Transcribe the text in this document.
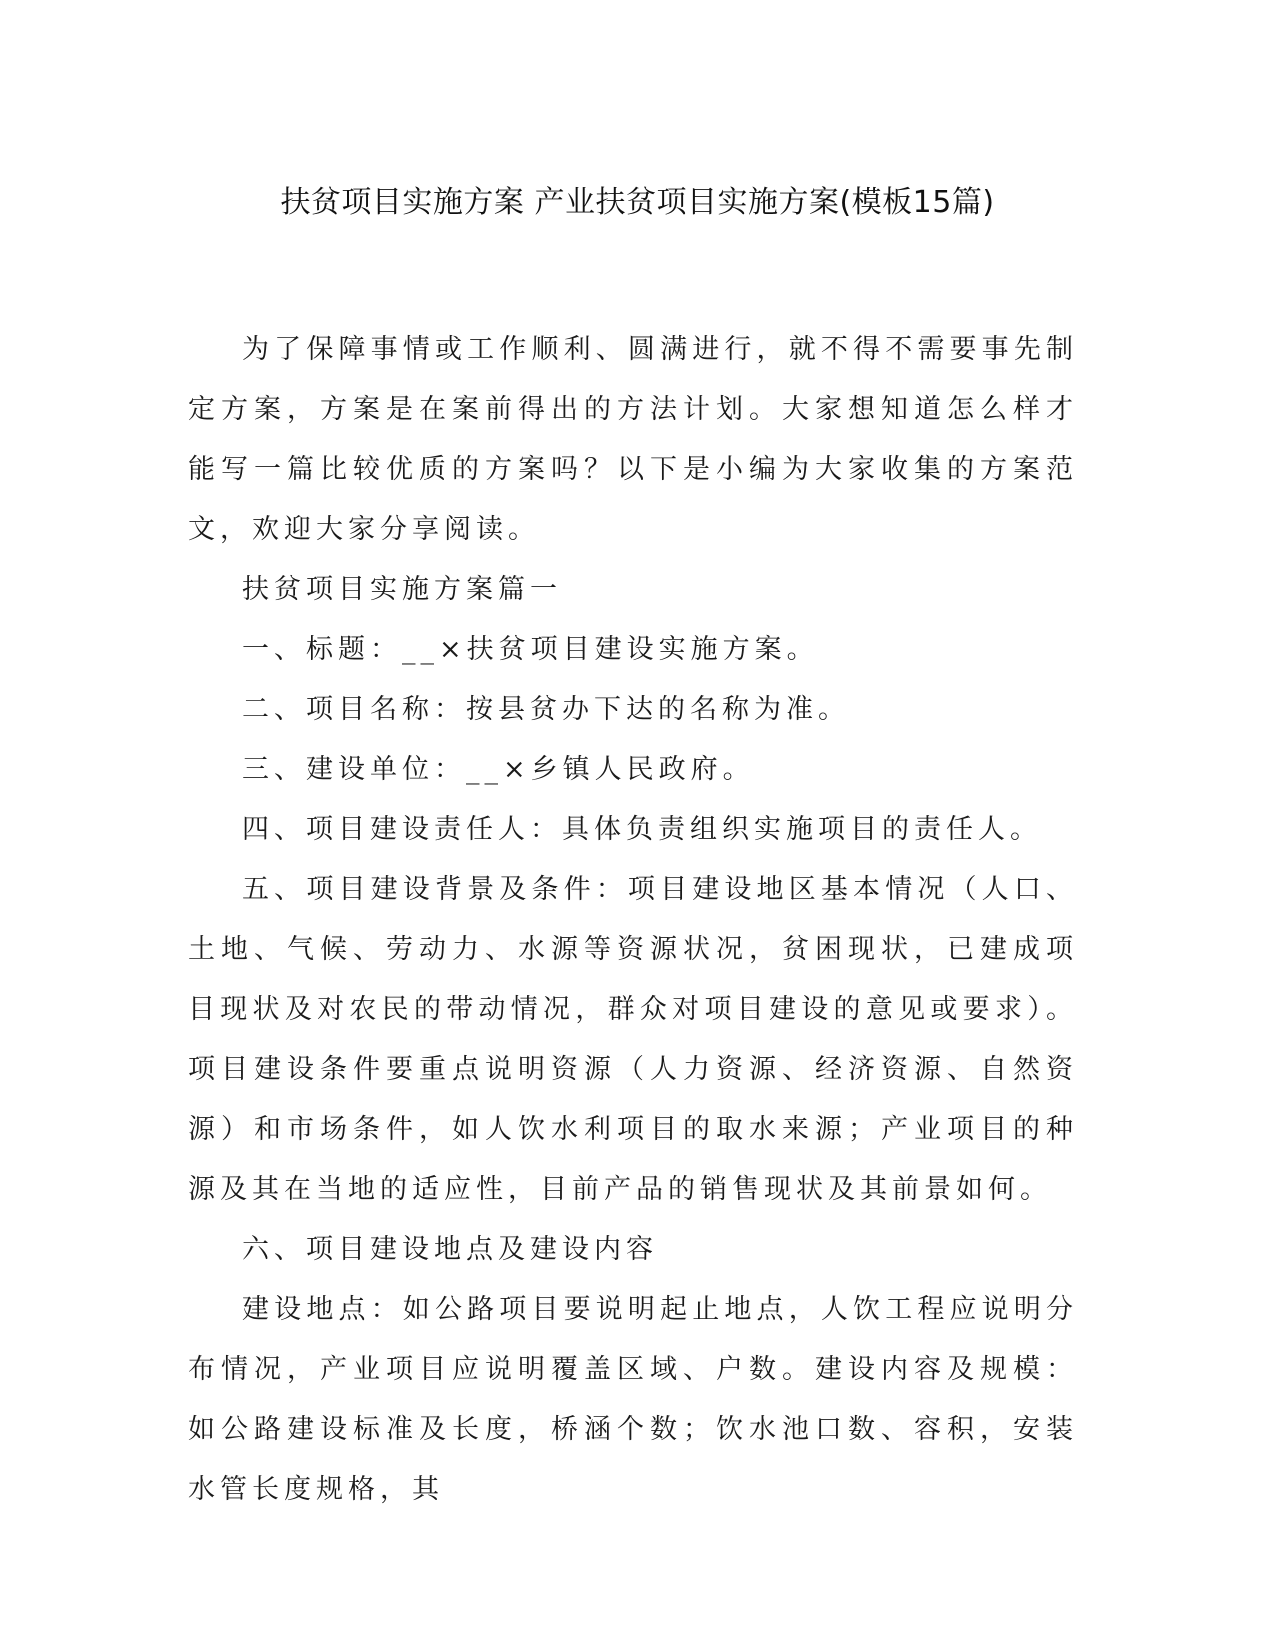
扶贫项目实施方案 产业扶贫项目实施方案(模板15篇)

为了保障事情或工作顺利、圆满进行，就不得不需要事先制定方案，方案是在案前得出的方法计划。大家想知道怎么样才能写一篇比较优质的方案吗？以下是小编为大家收集的方案范文，欢迎大家分享阅读。

扶贫项目实施方案篇一

一、标题：__×扶贫项目建设实施方案。

二、项目名称：按县贫办下达的名称为准。

三、建设单位：__×乡镇人民政府。

四、项目建设责任人：具体负责组织实施项目的责任人。

五、项目建设背景及条件：项目建设地区基本情况（人口、土地、气候、劳动力、水源等资源状况，贫困现状，已建成项目现状及对农民的带动情况，群众对项目建设的意见或要求）。项目建设条件要重点说明资源（人力资源、经济资源、自然资源）和市场条件，如人饮水利项目的取水来源；产业项目的种源及其在当地的适应性，目前产品的销售现状及其前景如何。

六、项目建设地点及建设内容

建设地点：如公路项目要说明起止地点，人饮工程应说明分布情况，产业项目应说明覆盖区域、户数。建设内容及规模：如公路建设标准及长度，桥涵个数；饮水池口数、容积，安装水管长度规格，其
